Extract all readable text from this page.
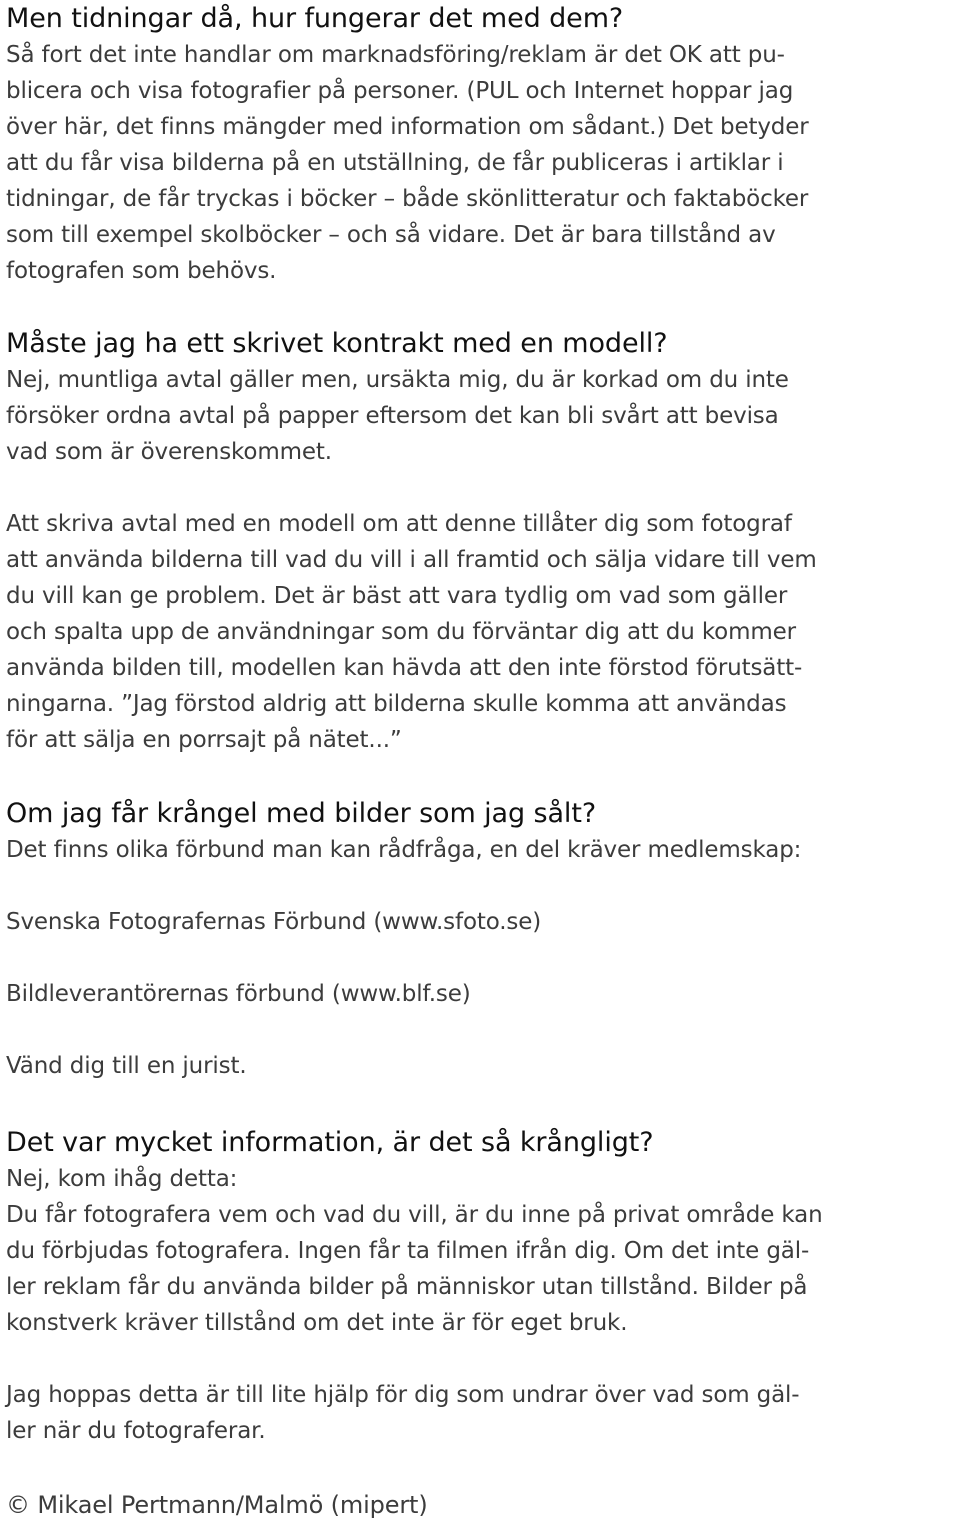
Men tidningar då, hur fungerar det med dem?
Så fort det inte handlar om marknadsföring/reklam är det OK att pu-
blicera och visa fotografier på personer. (PUL och Internet hoppar jag
över här, det finns mängder med information om sådant.) Det betyder
att du får visa bilderna på en utställning, de får publiceras i artiklar i
tidningar, de får tryckas i böcker – både skönlitteratur och faktaböcker
som till exempel skolböcker – och så vidare. Det är bara tillstånd av
fotografen som behövs.
Måste jag ha ett skrivet kontrakt med en modell?
Nej, muntliga avtal gäller men, ursäkta mig, du är korkad om du inte
försöker ordna avtal på papper eftersom det kan bli svårt att bevisa
vad som är överenskommet.
Att skriva avtal med en modell om att denne tillåter dig som fotograf
att använda bilderna till vad du vill i all framtid och sälja vidare till vem
du vill kan ge problem. Det är bäst att vara tydlig om vad som gäller
och spalta upp de användningar som du förväntar dig att du kommer
använda bilden till, modellen kan hävda att den inte förstod förutsätt-
ningarna. ”Jag förstod aldrig att bilderna skulle komma att användas
för att sälja en porrsajt på nätet...”
Om jag får krångel med bilder som jag sålt?
Det finns olika förbund man kan rådfråga, en del kräver medlemskap:
Svenska Fotografernas Förbund (www.sfoto.se)
Bildleverantörernas förbund (www.blf.se)
Vänd dig till en jurist.
Det var mycket information, är det så krångligt?
Nej, kom ihåg detta:
Du får fotografera vem och vad du vill, är du inne på privat område kan
du förbjudas fotografera. Ingen får ta filmen ifrån dig. Om det inte gäl-
ler reklam får du använda bilder på människor utan tillstånd. Bilder på
konstverk kräver tillstånd om det inte är för eget bruk.
Jag hoppas detta är till lite hjälp för dig som undrar över vad som gäl-
ler när du fotograferar.
© Mikael Pertmann/Malmö (mipert)
